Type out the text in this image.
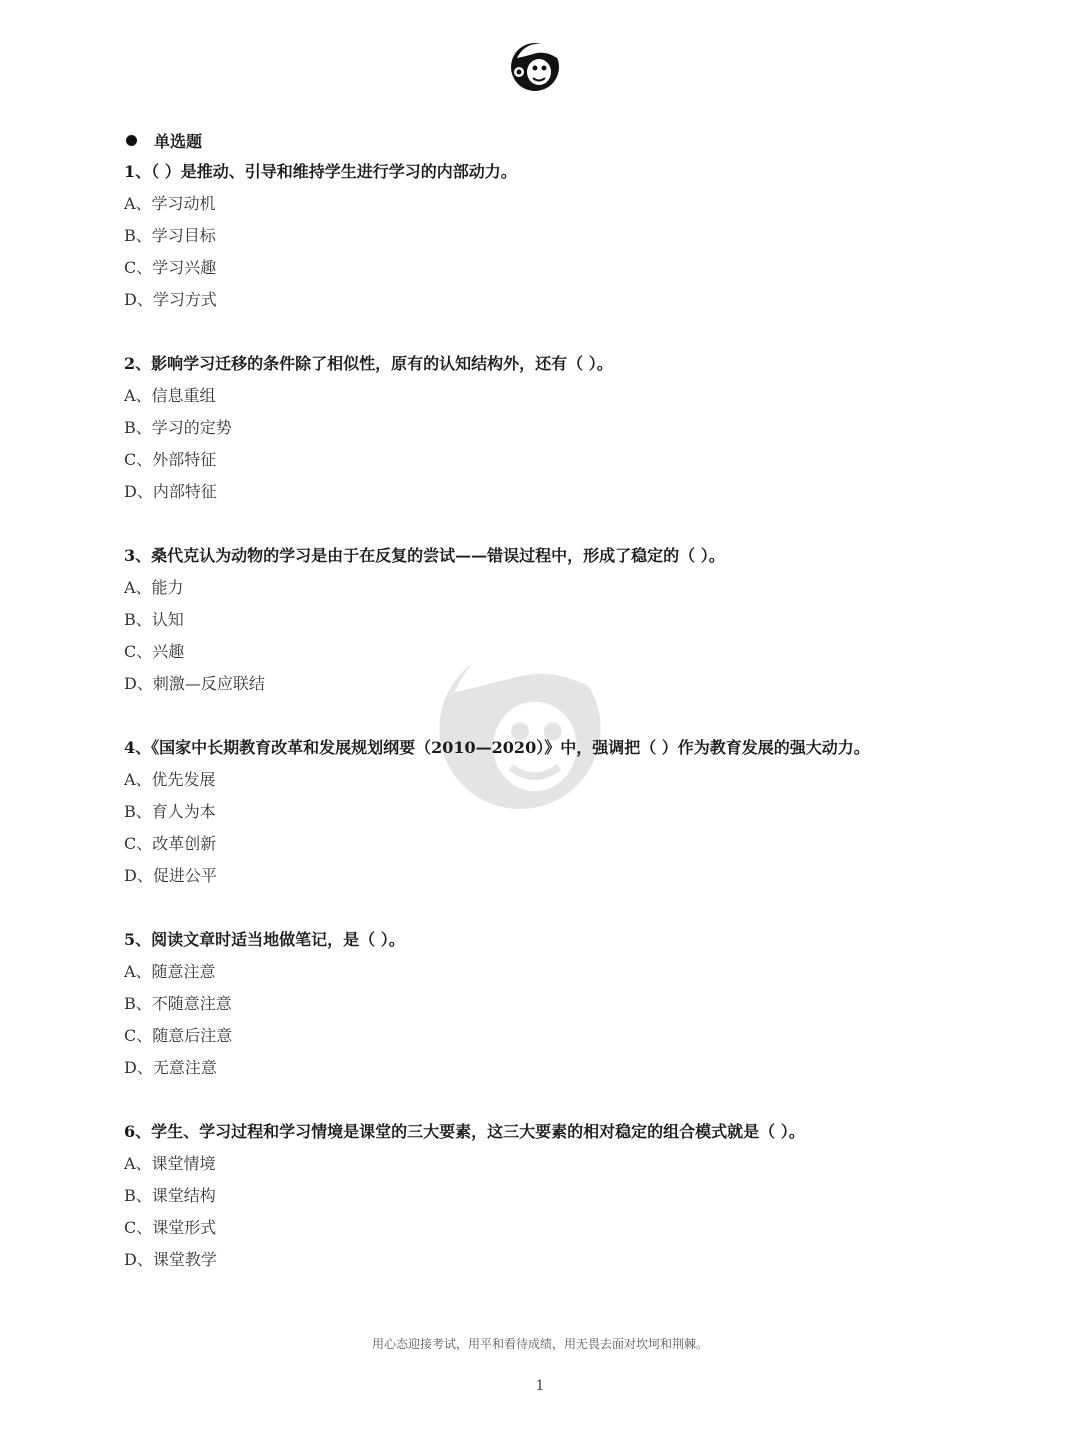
单选题
1、（ ）是推动、引导和维持学生进行学习的内部动力。
A、学习动机
B、学习目标
C、学习兴趣
D、学习方式
2、影响学习迁移的条件除了相似性，原有的认知结构外，还有（ ）。
A、信息重组
B、学习的定势
C、外部特征
D、内部特征
3、桑代克认为动物的学习是由于在反复的尝试——错误过程中，形成了稳定的（ ）。
A、能力
B、认知
C、兴趣
D、刺激—反应联结
4、《国家中长期教育改革和发展规划纲要（2010—2020）》中，强调把（ ）作为教育发展的强大动力。
A、优先发展
B、育人为本
C、改革创新
D、促进公平
5、阅读文章时适当地做笔记，是（ ）。
A、随意注意
B、不随意注意
C、随意后注意
D、无意注意
6、学生、学习过程和学习情境是课堂的三大要素，这三大要素的相对稳定的组合模式就是（ ）。
A、课堂情境
B、课堂结构
C、课堂形式
D、课堂教学
用心态迎接考试，用平和看待成绩，用无畏去面对坎坷和荆棘。
1
